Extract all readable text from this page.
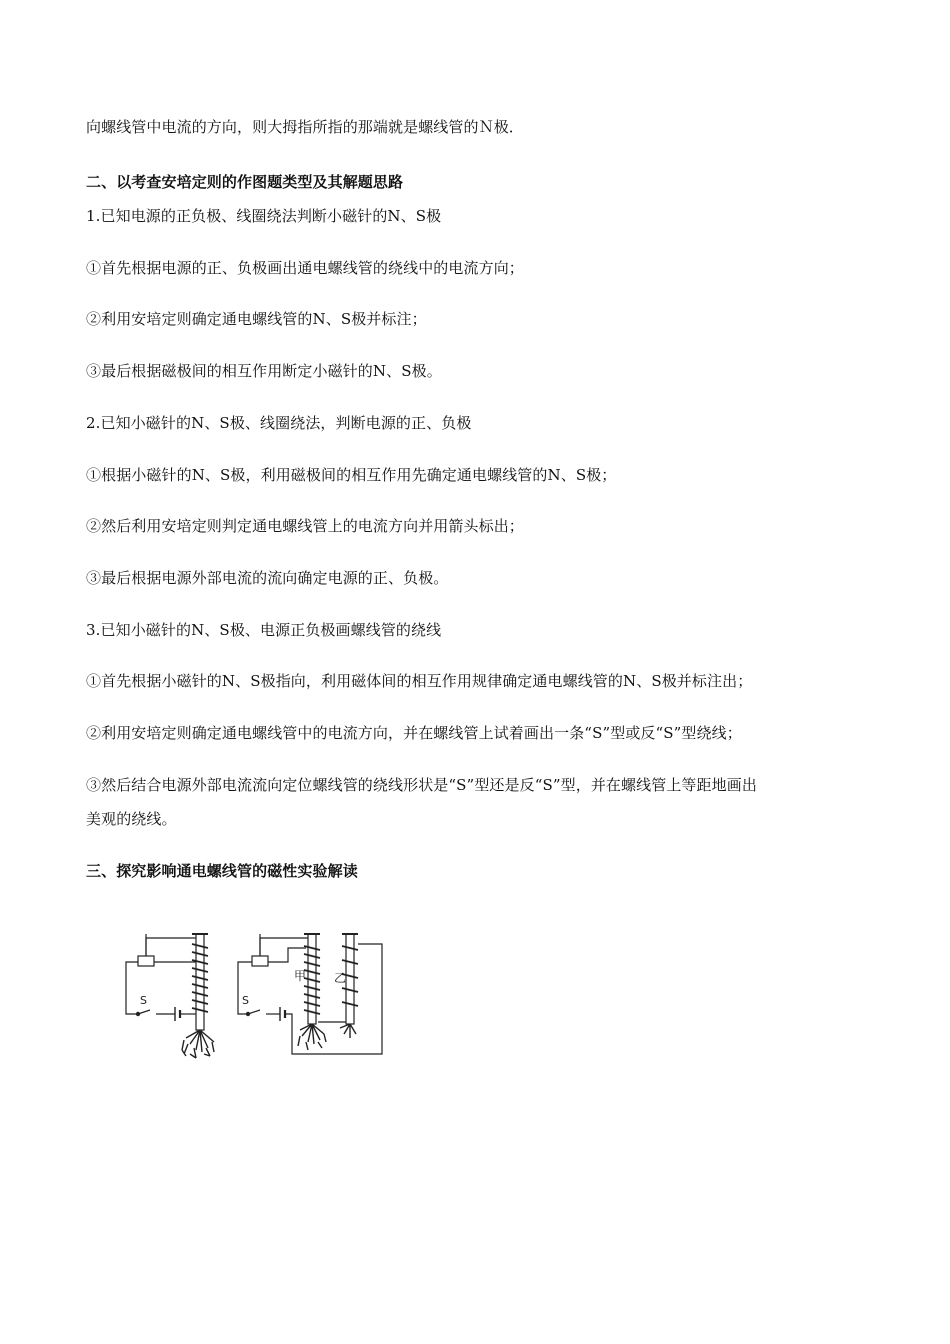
向螺线管中电流的方向，则大拇指所指的那端就是螺线管的Ｎ极．
二、以考查安培定则的作图题类型及其解题思路
1.已知电源的正负极、线圈绕法判断小磁针的N、S极
①首先根据电源的正、负极画出通电螺线管的绕线中的电流方向；
②利用安培定则确定通电螺线管的N、S极并标注；
③最后根据磁极间的相互作用断定小磁针的N、S极。
2.已知小磁针的N、S极、线圈绕法，判断电源的正、负极
①根据小磁针的N、S极，利用磁极间的相互作用先确定通电螺线管的N、S极；
②然后利用安培定则判定通电螺线管上的电流方向并用箭头标出；
③最后根据电源外部电流的流向确定电源的正、负极。
3.已知小磁针的N、S极、电源正负极画螺线管的绕线
①首先根据小磁针的N、S极指向，利用磁体间的相互作用规律确定通电螺线管的N、S极并标注出；
②利用安培定则确定通电螺线管中的电流方向，并在螺线管上试着画出一条“S”型或反“S”型绕线；
③然后结合电源外部电流流向定位螺线管的绕线形状是“S”型还是反“S”型，并在螺线管上等距地画出
美观的绕线。
三、探究影响通电螺线管的磁性实验解读
S
甲 乙
S
